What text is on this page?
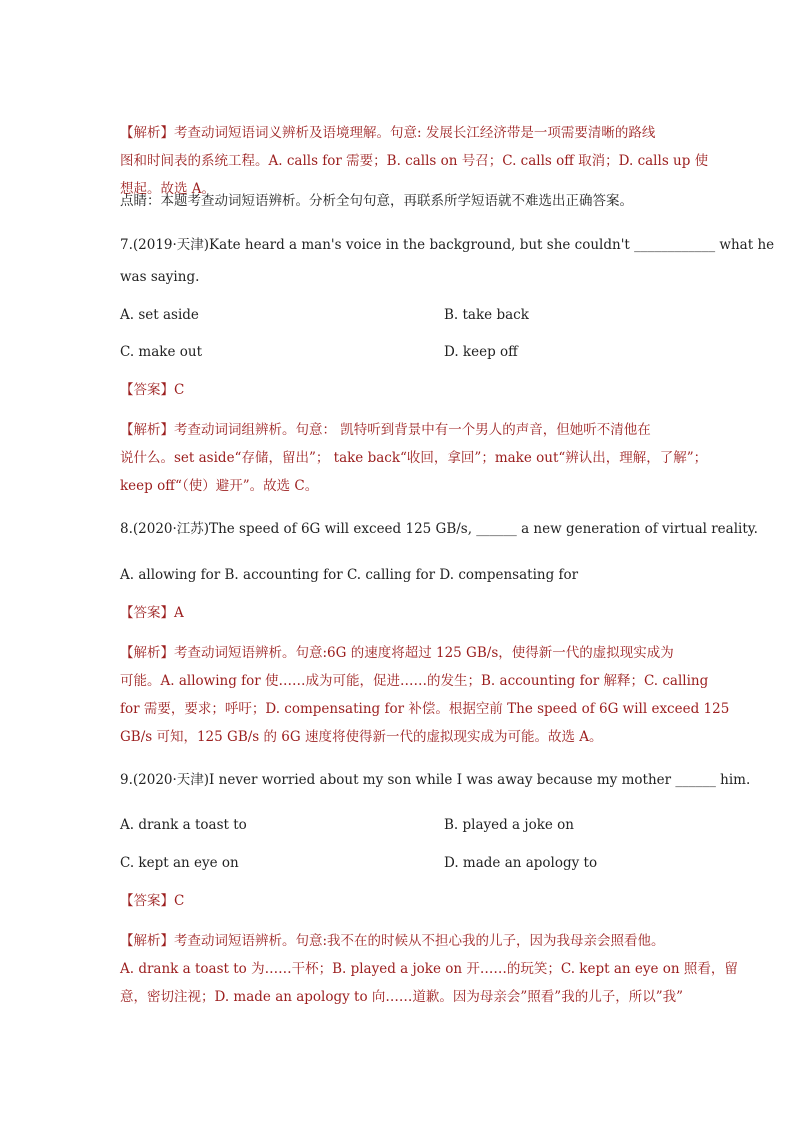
【解析】考查动词短语词义辨析及语境理解。句意: 发展长江经济带是一项需要清晰的路线
图和时间表的系统工程。A. calls for 需要；B. calls on 号召；C. calls off 取消；D. calls up 使
想起。故选 A。
点睛：本题考查动词短语辨析。分析全句句意，再联系所学短语就不难选出正确答案。
7.(2019·天津)Kate heard a man's voice in the background, but she couldn't ____________ what he
was saying.
A. set aside	B. take back
C. make out	D. keep off
【答案】C
【解析】考查动词词组辨析。句意： 凯特听到背景中有一个男人的声音，但她听不清他在
说什么。set aside“存储，留出”； take back“收回，拿回”；make out“辨认出，理解，了解”；
keep off“（使）避开”。故选 C。
8.(2020·江苏)The speed of 6G will exceed 125 GB/s, ______ a new generation of virtual reality.
A. allowing for B. accounting for C. calling for D. compensating for
【答案】A
【解析】考查动词短语辨析。句意:6G 的速度将超过 125 GB/s，使得新一代的虚拟现实成为
可能。A. allowing for 使……成为可能，促进……的发生；B. accounting for 解释；C. calling
for 需要，要求；呼吁；D. compensating for 补偿。根据空前 The speed of 6G will exceed 125
GB/s 可知，125 GB/s 的 6G 速度将使得新一代的虚拟现实成为可能。故选 A。
9.(2020·天津)I never worried about my son while I was away because my mother ______ him.
A. drank a toast to	B. played a joke on
C. kept an eye on	D. made an apology to
【答案】C
【解析】考查动词短语辨析。句意:我不在的时候从不担心我的儿子，因为我母亲会照看他。
A. drank a toast to 为……干杯；B. played a joke on 开……的玩笑；C. kept an eye on 照看，留
意，密切注视；D. made an apology to 向……道歉。因为母亲会”照看”我的儿子，所以”我”
